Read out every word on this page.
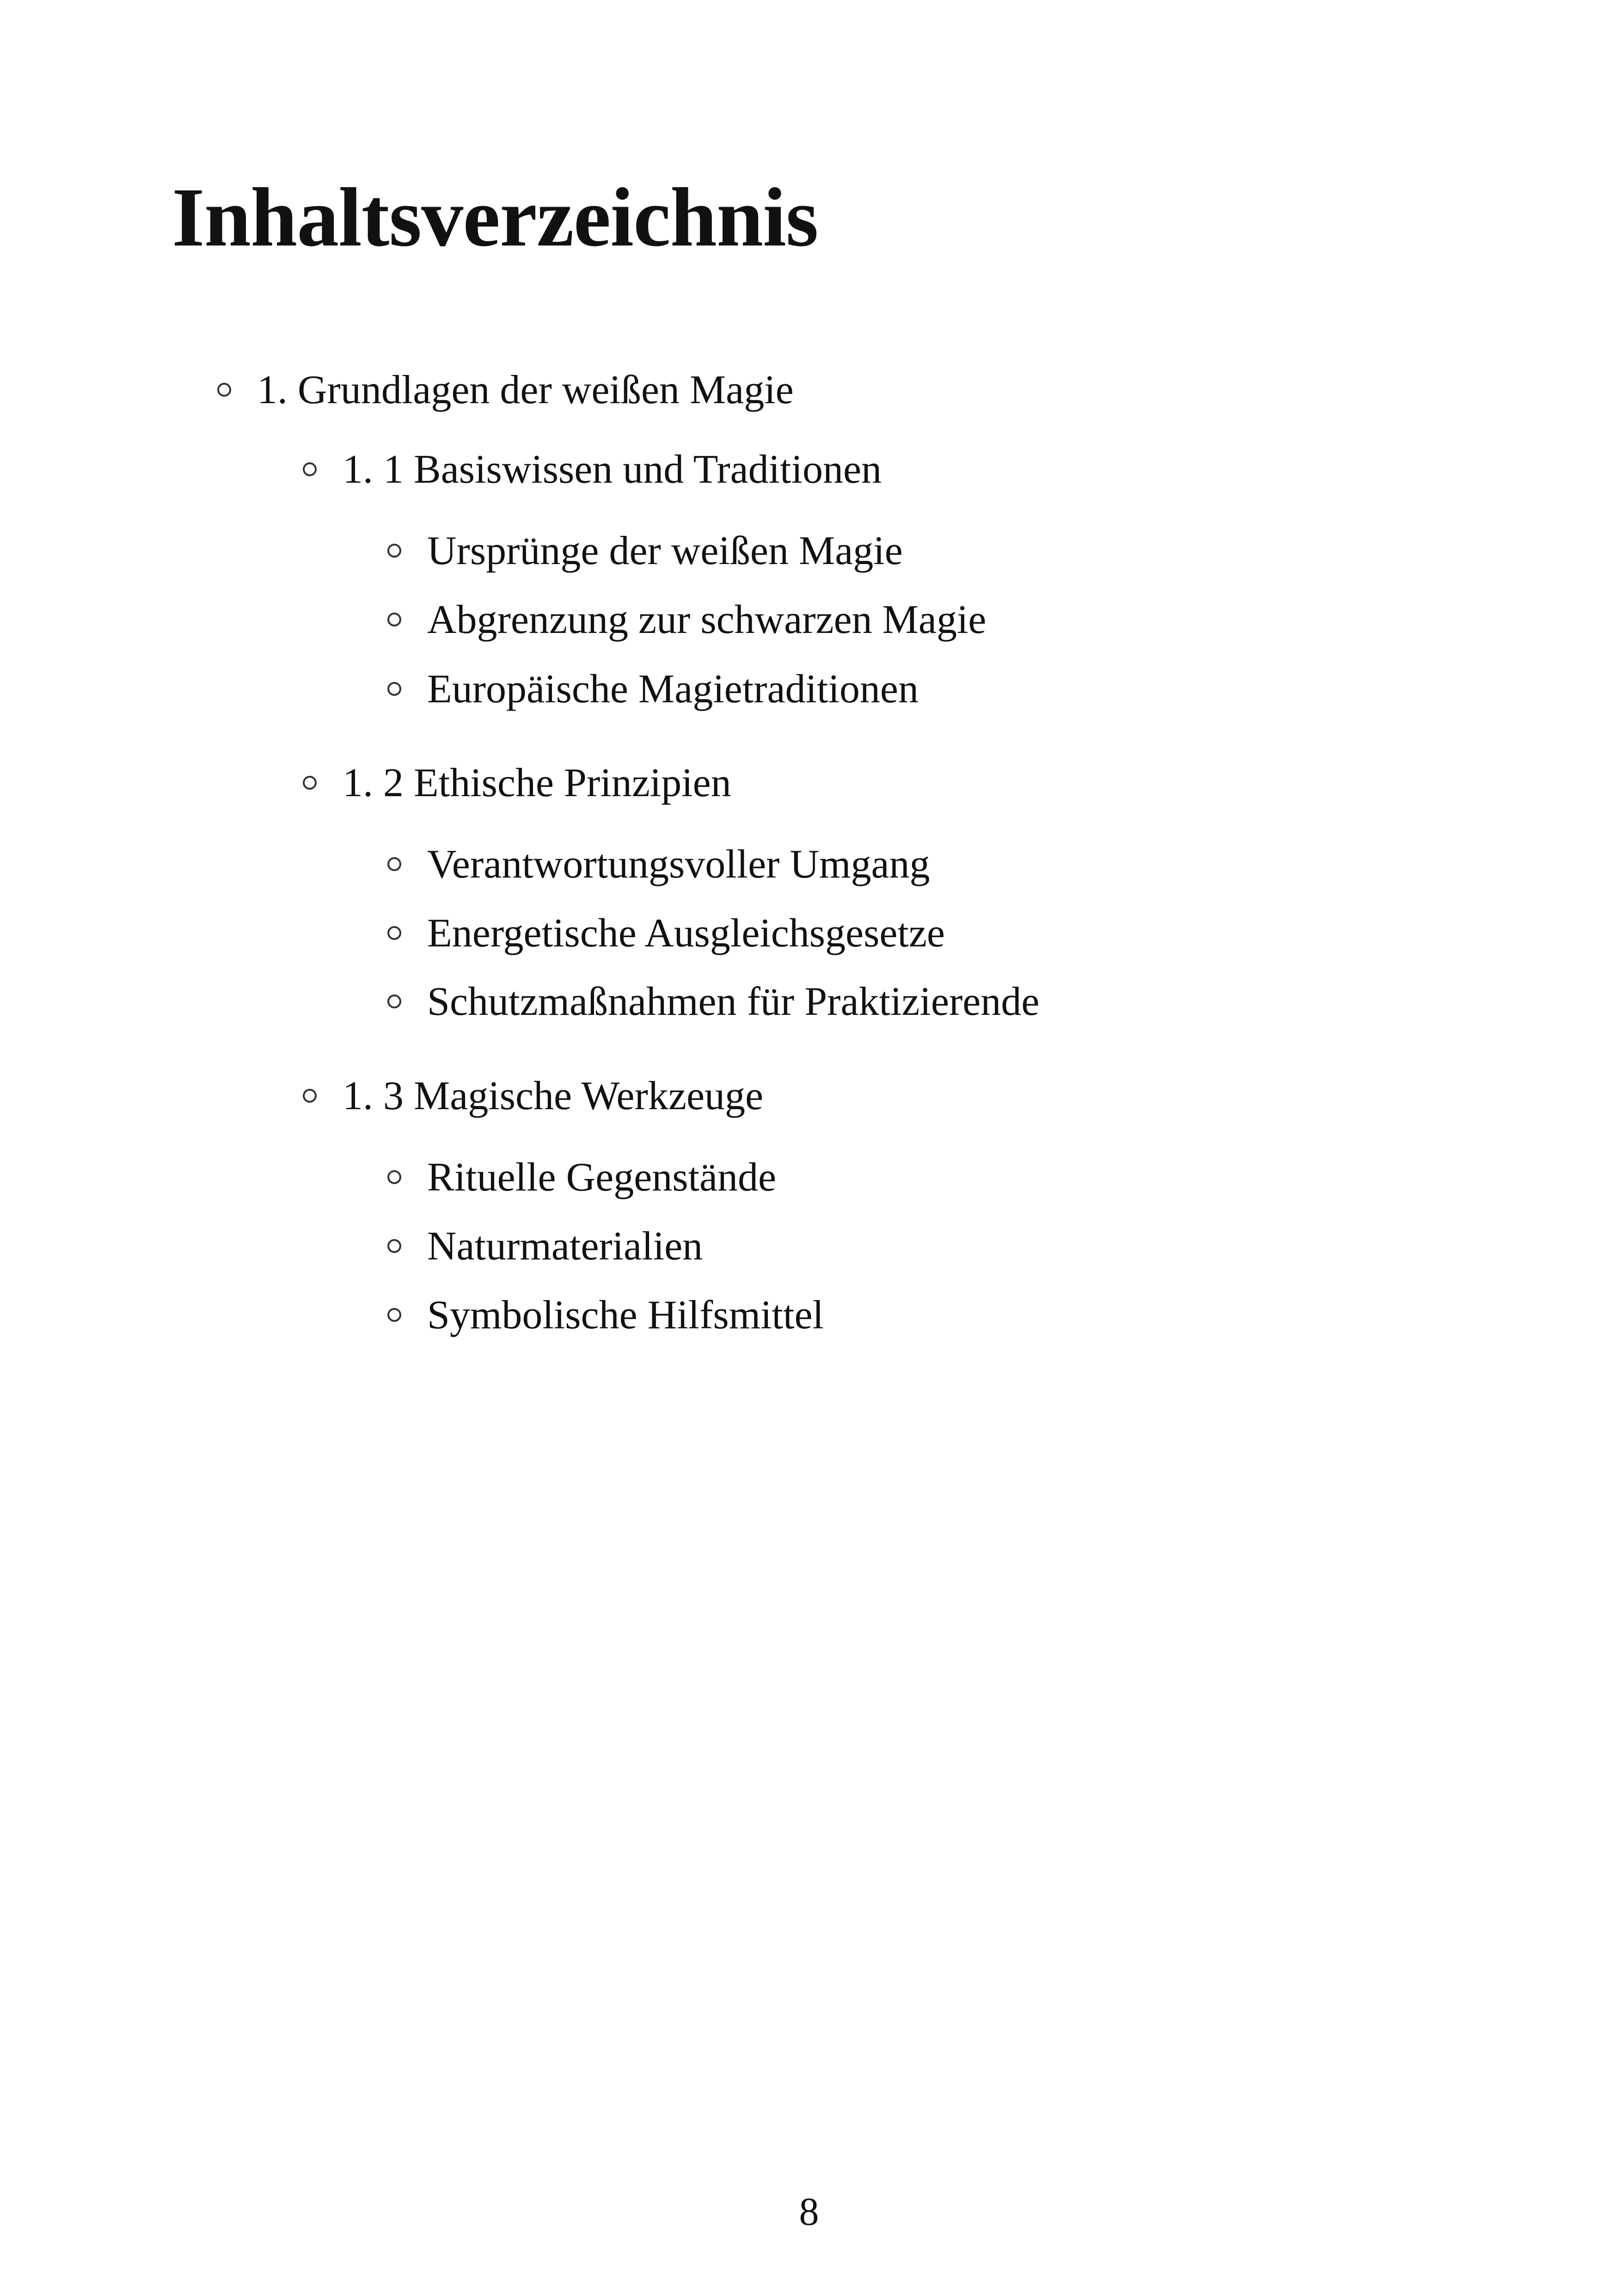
Inhaltsverzeichnis
1. Grundlagen der weißen Magie
1. 1 Basiswissen und Traditionen
Ursprünge der weißen Magie
Abgrenzung zur schwarzen Magie
Europäische Magietraditionen
1. 2 Ethische Prinzipien
Verantwortungsvoller Umgang
Energetische Ausgleichsgesetze
Schutzmaßnahmen für Praktizierende
1. 3 Magische Werkzeuge
Rituelle Gegenstände
Naturmaterialien
Symbolische Hilfsmittel
8
